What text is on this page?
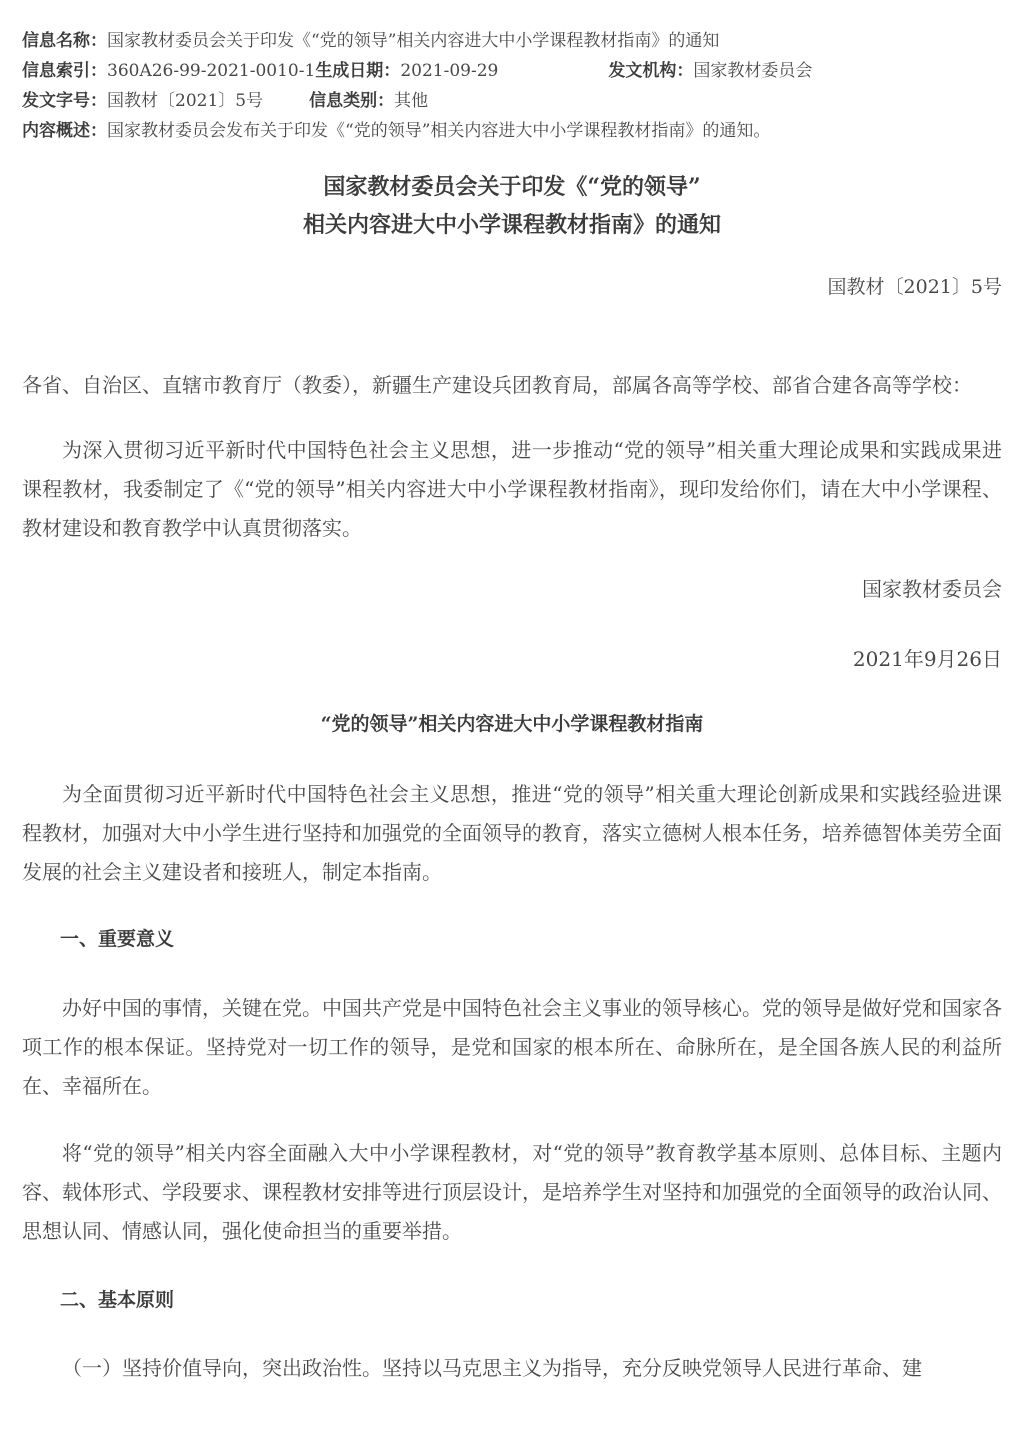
信息名称：国家教材委员会关于印发《“党的领导”相关内容进大中小学课程教材指南》的通知
信息索引：360A26-99-2021-0010-1生成日期：2021-09-29	发文机构：国家教材委员会
发文字号：国教材〔2021〕5号	信息类别：其他
内容概述：国家教材委员会发布关于印发《“党的领导”相关内容进大中小学课程教材指南》的通知。
国家教材委员会关于印发《“党的领导”
相关内容进大中小学课程教材指南》的通知
国教材〔2021〕5号
各省、自治区、直辖市教育厅（教委），新疆生产建设兵团教育局，部属各高等学校、部省合建各高等学校：
为深入贯彻习近平新时代中国特色社会主义思想，进一步推动“党的领导”相关重大理论成果和实践成果进课程教材，我委制定了《“党的领导”相关内容进大中小学课程教材指南》，现印发给你们，请在大中小学课程、教材建设和教育教学中认真贯彻落实。
国家教材委员会
2021年9月26日
“党的领导”相关内容进大中小学课程教材指南
为全面贯彻习近平新时代中国特色社会主义思想，推进“党的领导”相关重大理论创新成果和实践经验进课程教材，加强对大中小学生进行坚持和加强党的全面领导的教育，落实立德树人根本任务，培养德智体美劳全面发展的社会主义建设者和接班人，制定本指南。
一、重要意义
办好中国的事情，关键在党。中国共产党是中国特色社会主义事业的领导核心。党的领导是做好党和国家各项工作的根本保证。坚持党对一切工作的领导，是党和国家的根本所在、命脉所在，是全国各族人民的利益所在、幸福所在。
将“党的领导”相关内容全面融入大中小学课程教材，对“党的领导”教育教学基本原则、总体目标、主题内容、载体形式、学段要求、课程教材安排等进行顶层设计，是培养学生对坚持和加强党的全面领导的政治认同、思想认同、情感认同，强化使命担当的重要举措。
二、基本原则
（一）坚持价值导向，突出政治性。坚持以马克思主义为指导，充分反映党领导人民进行革命、建
